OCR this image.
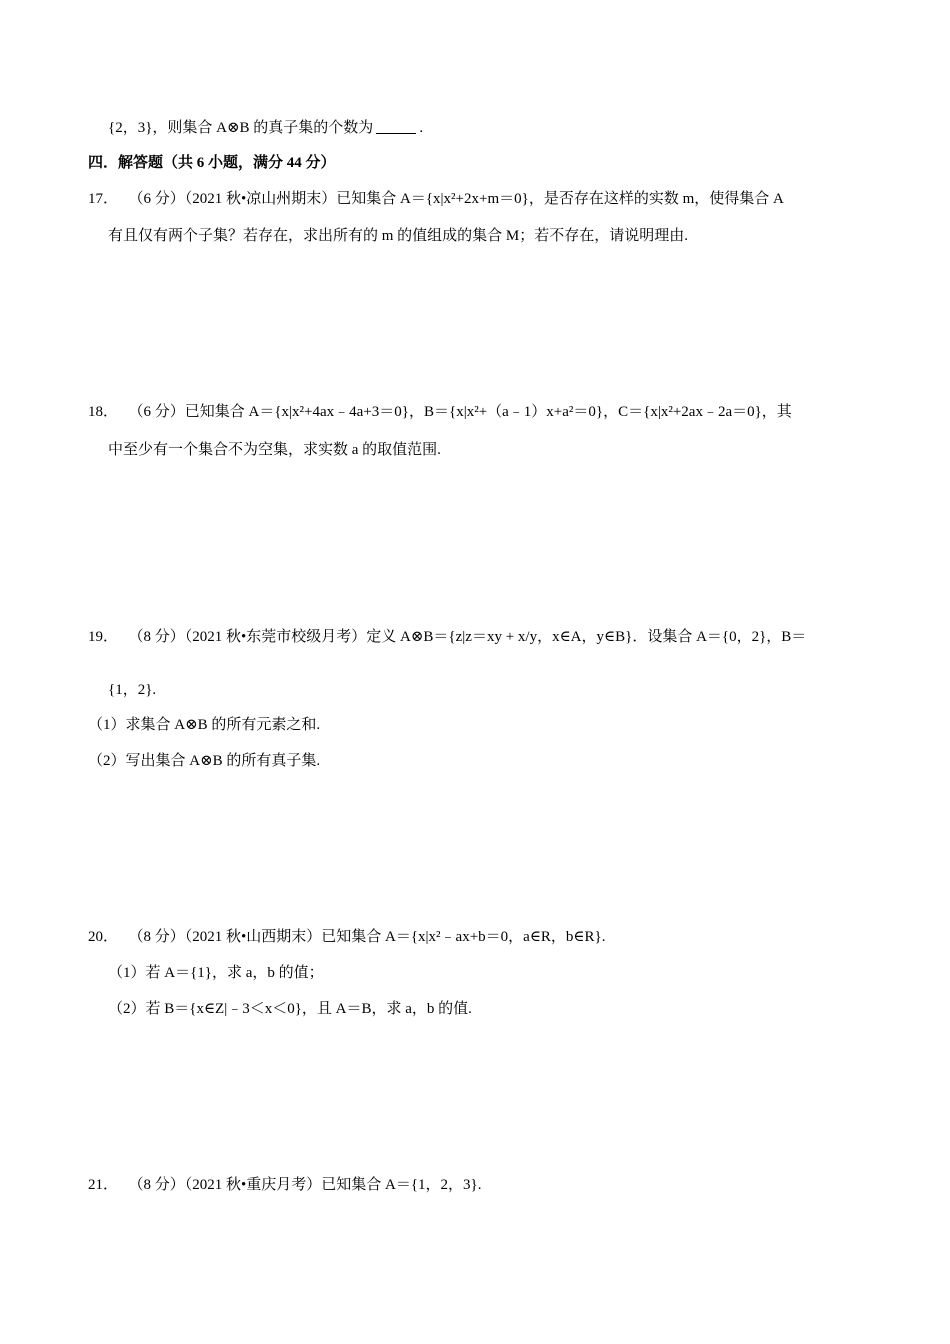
{2，3}，则集合 A⊗B 的真子集的个数为	.
四．解答题（共 6 小题，满分 44 分）
17． （6 分）（2021 秋•凉山州期末）已知集合 A＝{x|x²+2x+m＝0}，是否存在这样的实数 m，使得集合 A
有且仅有两个子集？若存在，求出所有的 m 的值组成的集合 M；若不存在，请说明理由.
18． （6 分）已知集合 A＝{x|x²+4ax﹣4a+3＝0}，B＝{x|x²+（a﹣1）x+a²＝0}，C＝{x|x²+2ax﹣2a＝0}，其
中至少有一个集合不为空集，求实数 a 的取值范围.
19． （8 分）（2021 秋•东莞市校级月考）定义 A⊗B＝{z|z＝xy + x/y，x∈A，y∈B}．设集合 A＝{0，2}，B＝
{1，2}.
（1）求集合 A⊗B 的所有元素之和.
（2）写出集合 A⊗B 的所有真子集.
20． （8 分）（2021 秋•山西期末）已知集合 A＝{x|x²﹣ax+b＝0，a∈R，b∈R}.
（1）若 A＝{1}，求 a，b 的值；
（2）若 B＝{x∈Z|﹣3＜x＜0}，且 A＝B，求 a，b 的值.
21． （8 分）（2021 秋•重庆月考）已知集合 A＝{1，2，3}.
